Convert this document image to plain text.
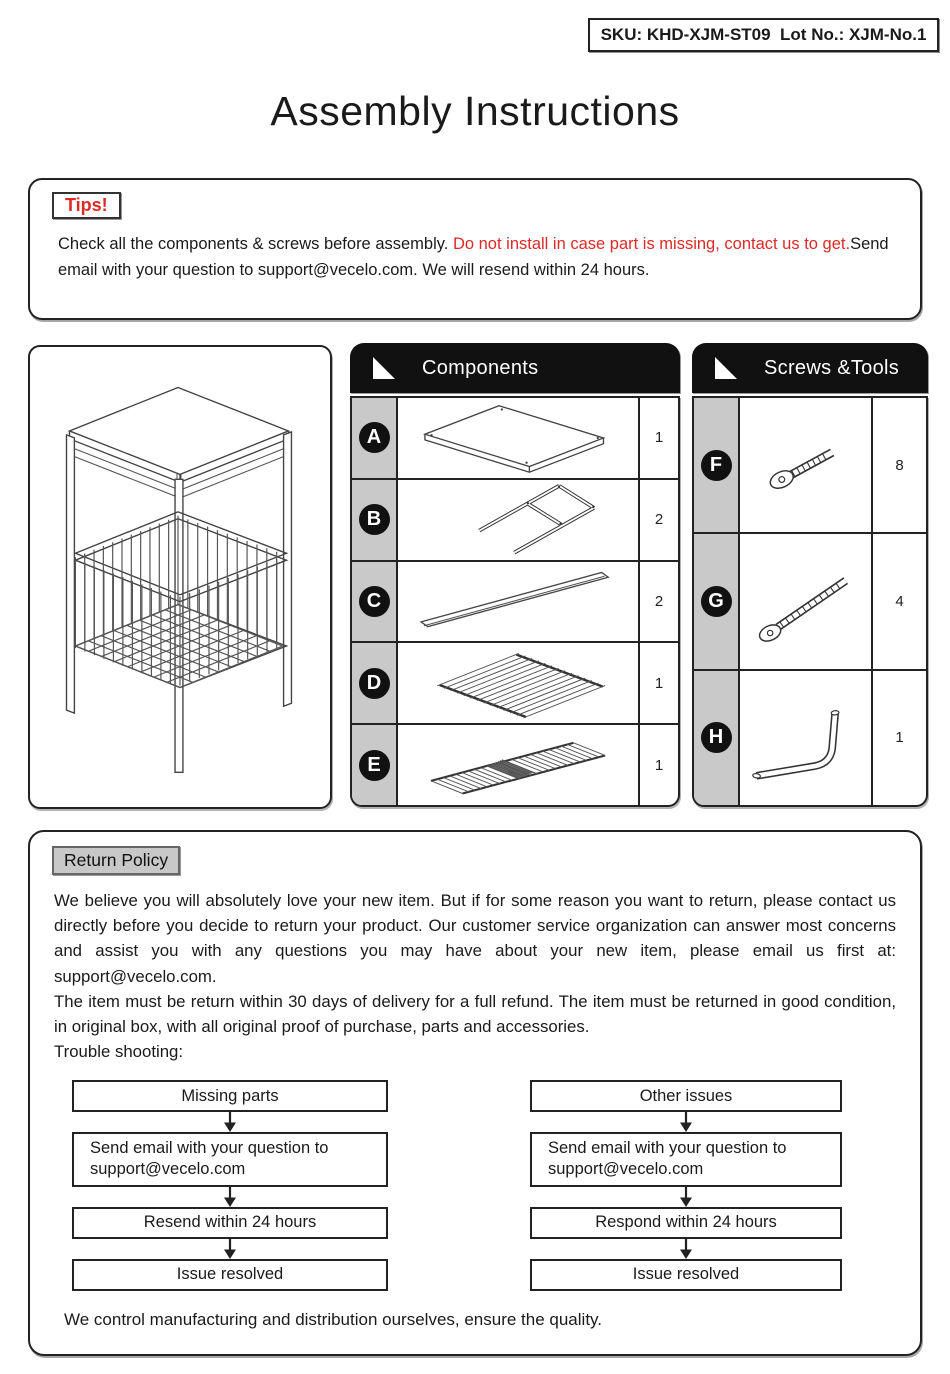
SKU: KHD-XJM-ST09  Lot No.: XJM-No.1
Assembly Instructions
Tips!
Check all the components & screws before assembly. Do not install in case part is missing, contact us to get.Send email with your question to support@vecelo.com. We will resend within 24 hours.
Components
A	1
B	2
C	2
D	1
E	1
Screws &Tools
F	8
G	4
H	1
Return Policy

We believe you will absolutely love your new item. But if for some reason you want to return, please contact us directly before you decide to return your product. Our customer service organization can answer most concerns and assist you with any questions you may have about your new item, please email us first at: support@vecelo.com.

The item must be return within 30 days of delivery for a full refund. The item must be returned in good condition, in original box, with all original proof of purchase, parts and accessories.

Trouble shooting:

Missing parts
Send email with your question to support@vecelo.com
Resend within 24 hours
Issue resolved
Other issues
Send email with your question to support@vecelo.com
Respond within 24 hours
Issue resolved
We control manufacturing and distribution ourselves, ensure the quality.
